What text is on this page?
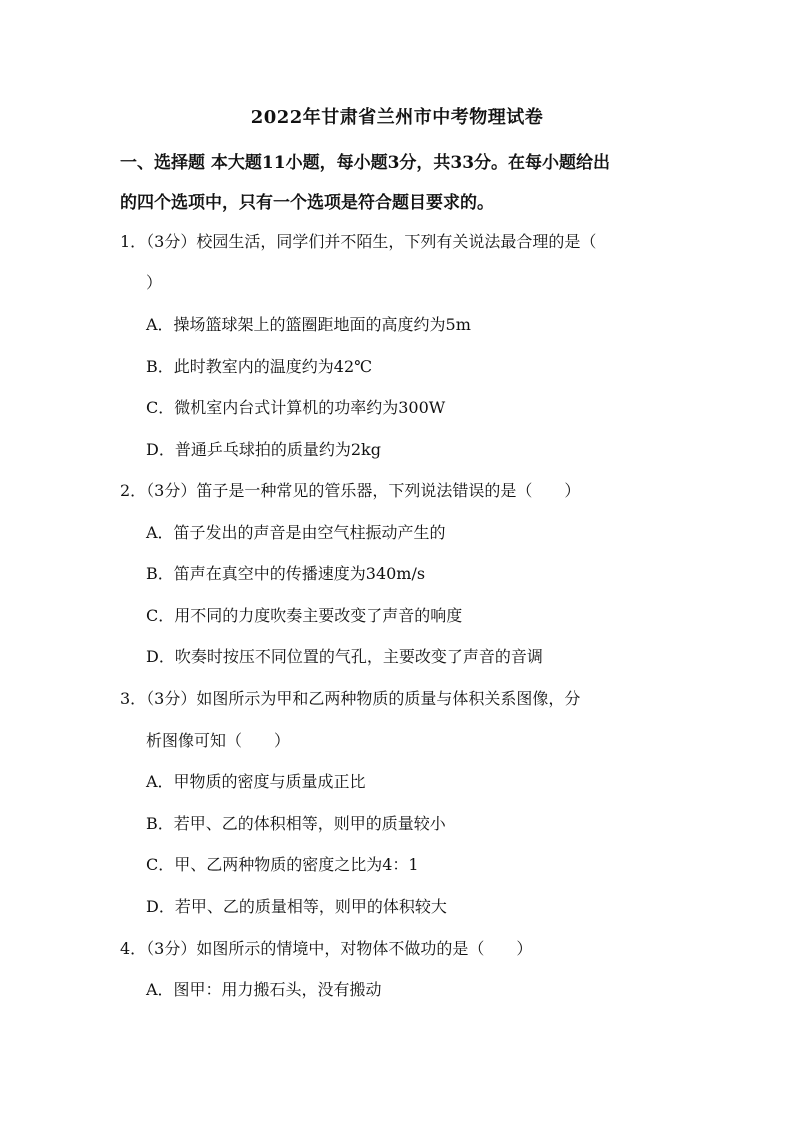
2022年甘肃省兰州市中考物理试卷
一、选择题 本大题11小题，每小题3分，共33分。在每小题给出
的四个选项中，只有一个选项是符合题目要求的。
1．（3分）校园生活，同学们并不陌生，下列有关说法最合理的是（
）
A．操场篮球架上的篮圈距地面的高度约为5m
B．此时教室内的温度约为42℃
C．微机室内台式计算机的功率约为300W
D．普通乒乓球拍的质量约为2kg
2．（3分）笛子是一种常见的管乐器，下列说法错误的是（　　）
A．笛子发出的声音是由空气柱振动产生的
B．笛声在真空中的传播速度为340m/s
C．用不同的力度吹奏主要改变了声音的响度
D．吹奏时按压不同位置的气孔，主要改变了声音的音调
3．（3分）如图所示为甲和乙两种物质的质量与体积关系图像，分
析图像可知（　　）
A．甲物质的密度与质量成正比
B．若甲、乙的体积相等，则甲的质量较小
C．甲、乙两种物质的密度之比为4：1
D．若甲、乙的质量相等，则甲的体积较大
4．（3分）如图所示的情境中，对物体不做功的是（　　）
A．图甲：用力搬石头，没有搬动
